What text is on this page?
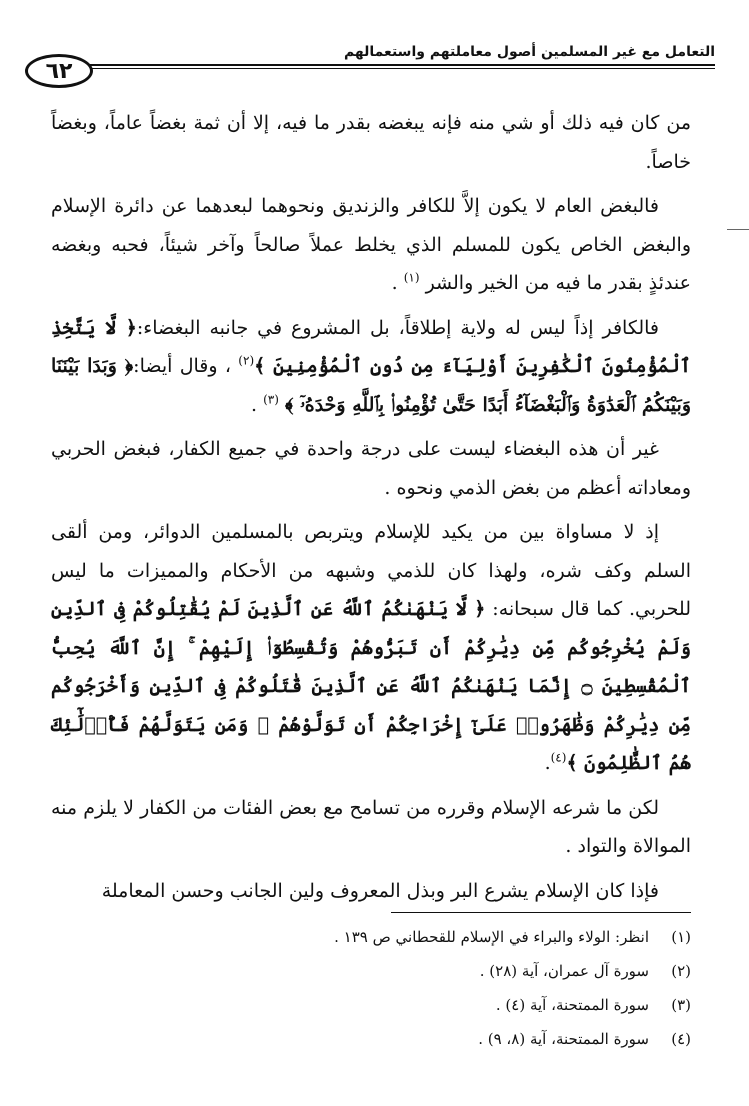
التعامل مع غير المسلمين أصول معاملتهم واستعمالهم
٦٢

من كان فيه ذلك أو شي منه فإنه يبغضه بقدر ما فيه، إلا أن ثمة بغضاً عاماً، وبغضاً خاصاً.

فالبغض العام لا يكون إلاَّ للكافر والزنديق ونحوهما لبعدهما عن دائرة الإسلام والبغض الخاص يكون للمسلم الذي يخلط عملاً صالحاً وآخر شيئاً، فحبه وبغضه عندئذٍ بقدر ما فيه من الخير والشر $^{(١)}$ .

فالكافر إذاً ليس له ولاية إطلاقاً، بل المشروع في جانبه البغضاء:﴿ لَّا يَتَّخِذِ ٱلْمُؤْمِنُونَ ٱلْكَٰفِرِينَ أَوْلِيَآءَ مِن دُونِ ٱلْمُؤْمِنِينَ ﴾$^{(٢)}$ ، وقال أيضا:﴿ وَبَدَا بَيْنَنَا وَبَيْنَكُمُ ٱلْعَدَٰوَةُ وَٱلْبَغْضَآءُ أَبَدًا حَتَّىٰ تُؤْمِنُوا۟ بِٱللَّهِ وَحْدَهُۥٓ ﴾ $^{(٣)}$ .

غير أن هذه البغضاء ليست على درجة واحدة في جميع الكفار، فبغض الحربي ومعاداته أعظم من بغض الذمي ونحوه .

إذ لا مساواة بين من يكيد للإسلام ويتربص بالمسلمين الدوائر، ومن ألقى السلم وكف شره، ولهذا كان للذمي وشبهه من الأحكام والمميزات ما ليس للحربي. كما قال سبحانه: ﴿ لَّا يَنْهَىٰكُمُ ٱللَّهُ عَنِ ٱلَّذِينَ لَمْ يُقَٰتِلُوكُمْ فِى ٱلدِّينِ وَلَمْ يُخْرِجُوكُم مِّن دِيَٰرِكُمْ أَن تَبَرُّوهُمْ وَتُقْسِطُوٓا۟ إِلَيْهِمْ ۚ إِنَّ ٱللَّهَ يُحِبُّ ٱلْمُقْسِطِينَ ۝ إِنَّمَا يَنْهَىٰكُمُ ٱللَّهُ عَنِ ٱلَّذِينَ قَٰتَلُوكُمْ فِى ٱلدِّينِ وَأَخْرَجُوكُم مِّن دِيَٰرِكُمْ وَظَٰهَرُوا۟ عَلَىٰٓ إِخْرَاجِكُمْ أَن تَوَلَّوْهُمْ ۚ وَمَن يَتَوَلَّهُمْ فَأُو۟لَٰٓئِكَ هُمُ ٱلظَّٰلِمُونَ ﴾$^{(٤)}$.

لكن ما شرعه الإسلام وقرره من تسامح مع بعض الفئات من الكفار لا يلزم منه الموالاة والتواد .

فإذا كان الإسلام يشرع البر وبذل المعروف ولين الجانب وحسن المعاملة

(١)
انظر: الولاء والبراء في الإسلام للقحطاني ص ١٣٩ .
(٢)
سورة آل عمران، آية (٢٨) .
(٣)
سورة الممتحنة، آية (٤) .
(٤)
سورة الممتحنة، آية (٨، ٩) .
